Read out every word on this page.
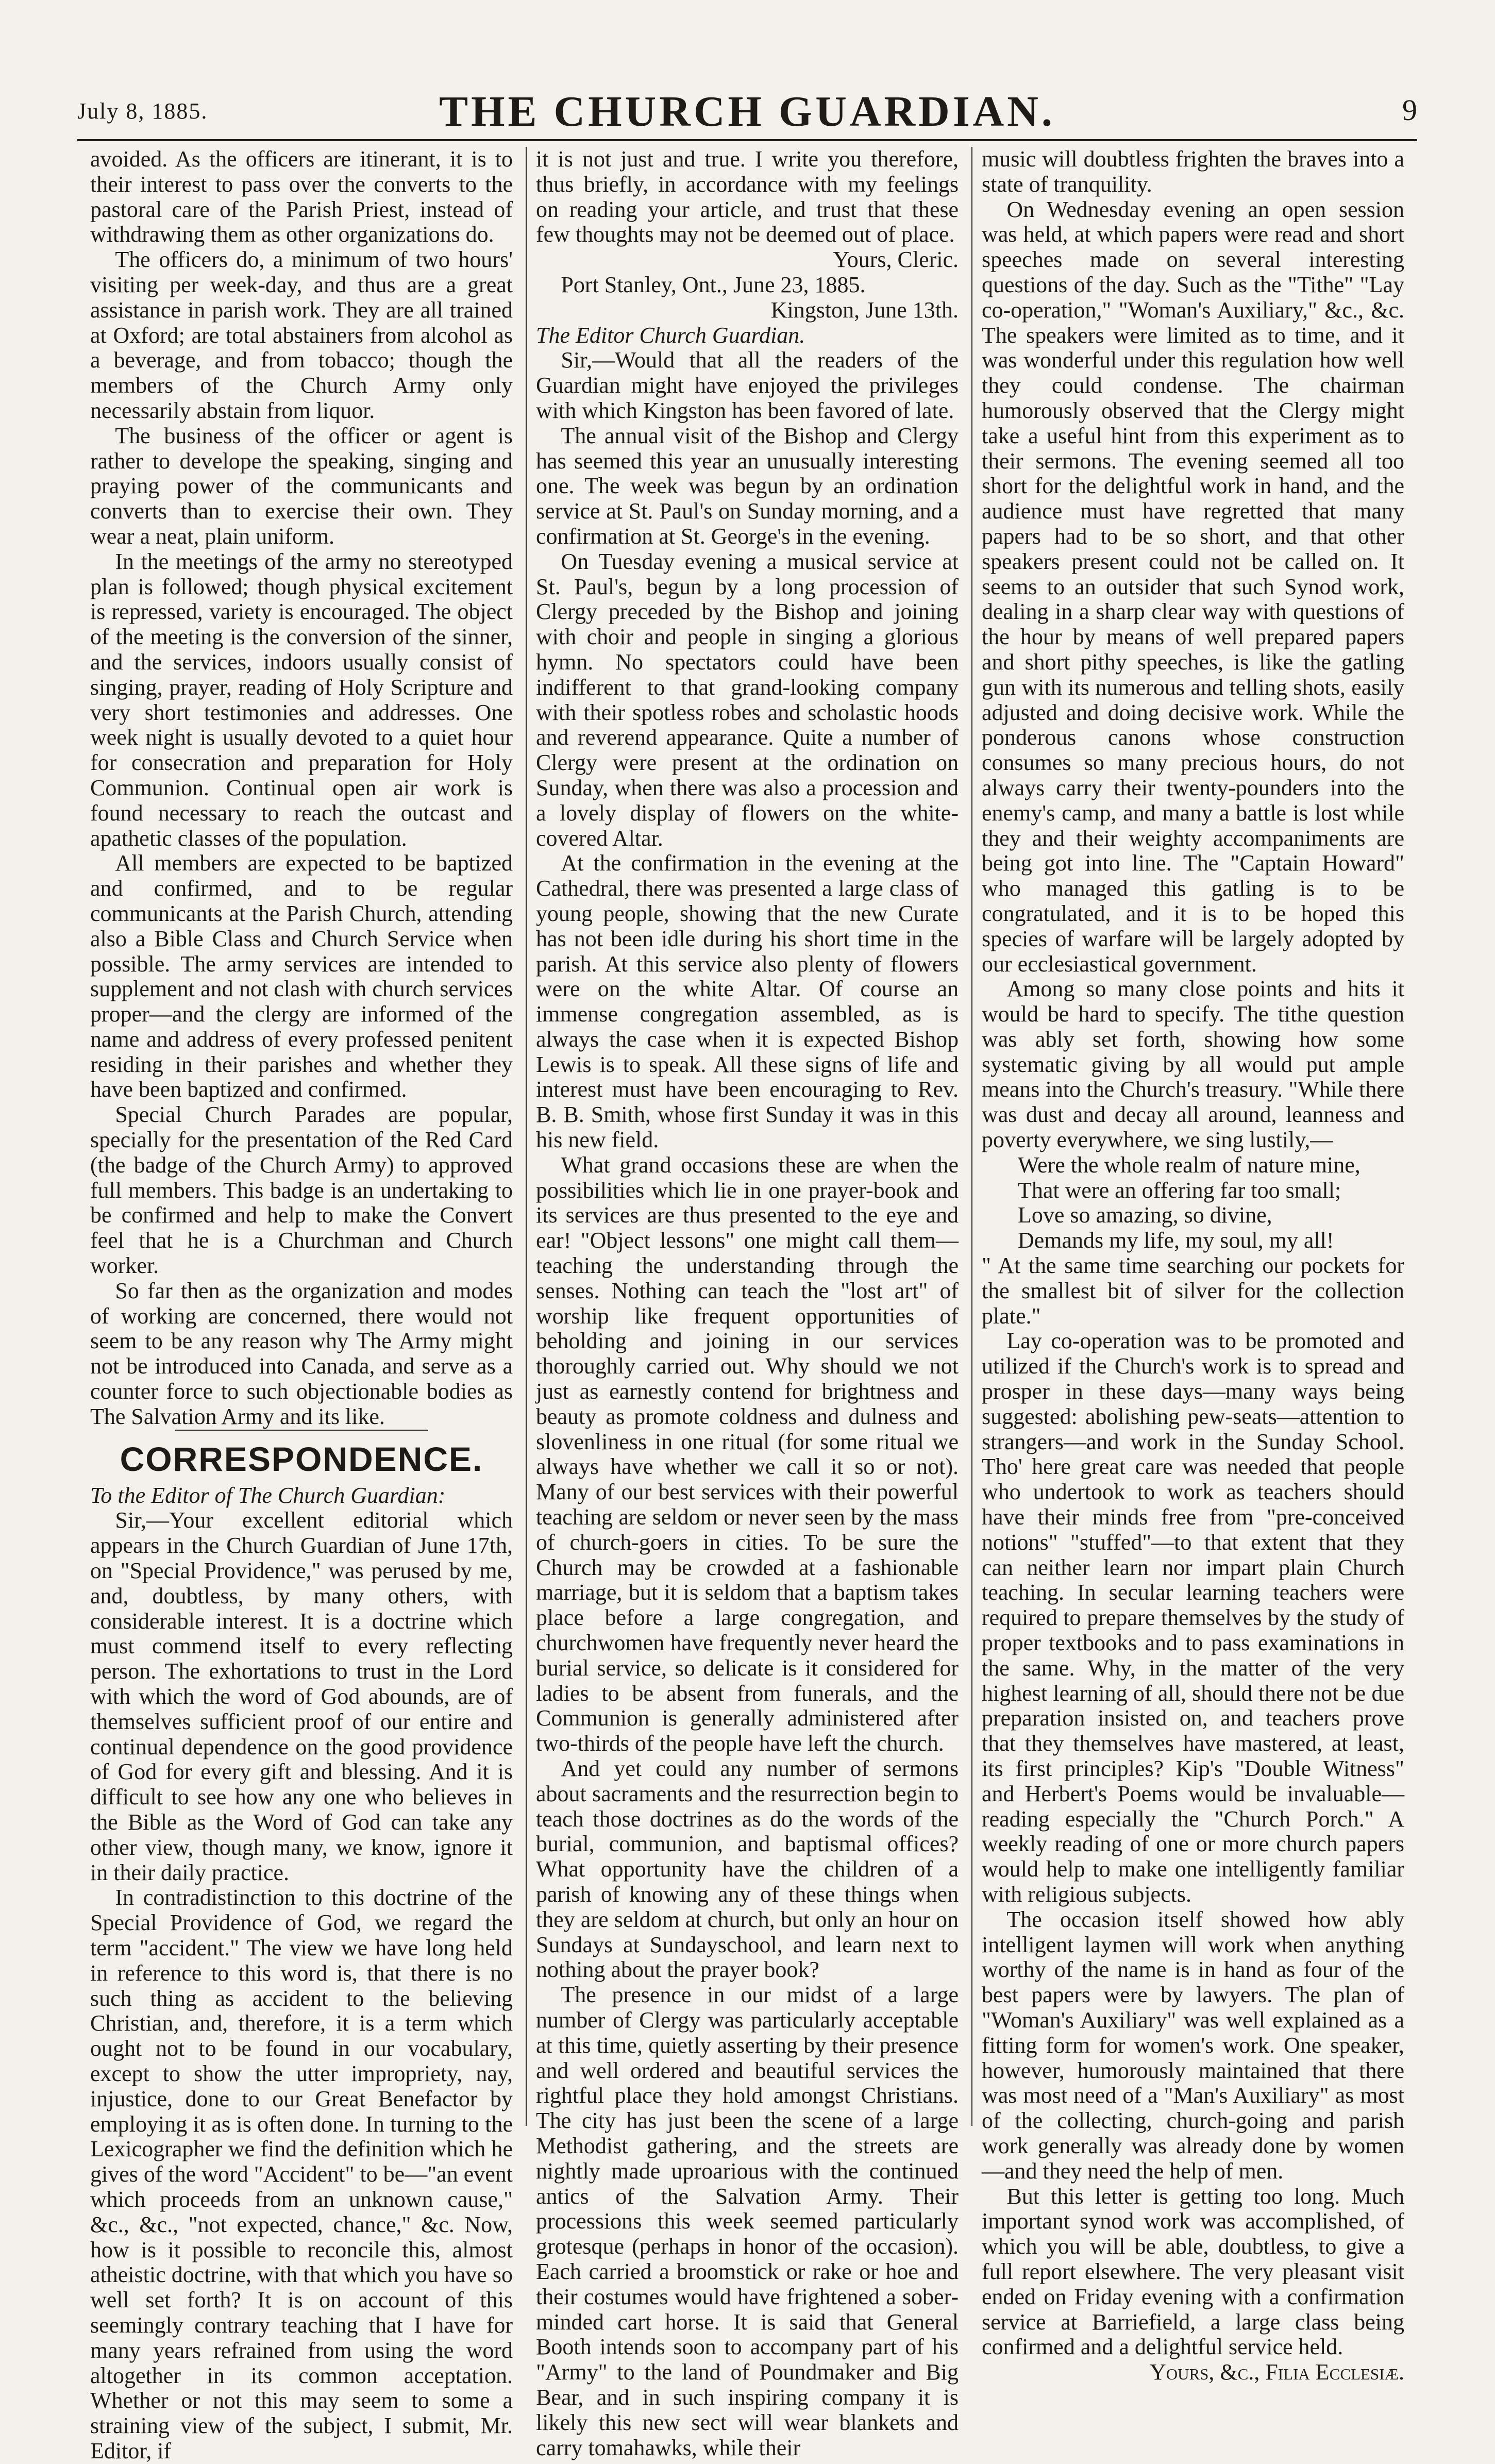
July 8, 1885.	THE CHURCH GUARDIAN.	9

avoided. As the officers are itinerant, it is to their interest to pass over the converts to the pastoral care of the Parish Priest, instead of withdrawing them as other organizations do.

The officers do, a minimum of two hours' visiting per week-day, and thus are a great assistance in parish work. They are all trained at Oxford; are total abstainers from alcohol as a beverage, and from tobacco; though the members of the Church Army only necessarily abstain from liquor.

The business of the officer or agent is rather to develope the speaking, singing and praying power of the communicants and converts than to exercise their own. They wear a neat, plain uniform.

In the meetings of the army no stereotyped plan is followed; though physical excitement is repressed, variety is encouraged. The object of the meeting is the conversion of the sinner, and the services, indoors usually consist of singing, prayer, reading of Holy Scripture and very short testimonies and addresses. One week night is usually devoted to a quiet hour for consecration and preparation for Holy Communion. Continual open air work is found necessary to reach the outcast and apathetic classes of the population.

All members are expected to be baptized and confirmed, and to be regular communicants at the Parish Church, attending also a Bible Class and Church Service when possible. The army services are intended to supplement and not clash with church services proper—and the clergy are informed of the name and address of every professed penitent residing in their parishes and whether they have been baptized and confirmed.

Special Church Parades are popular, specially for the presentation of the Red Card (the badge of the Church Army) to approved full members. This badge is an undertaking to be confirmed and help to make the Convert feel that he is a Churchman and Church worker.

So far then as the organization and modes of working are concerned, there would not seem to be any reason why The Army might not be introduced into Canada, and serve as a counter force to such objectionable bodies as The Salvation Army and its like.

CORRESPONDENCE.

To the Editor of The Church Guardian:

Sir,—Your excellent editorial which appears in the Church Guardian of June 17th, on "Special Providence," was perused by me, and, doubtless, by many others, with considerable interest. It is a doctrine which must commend itself to every reflecting person. The exhortations to trust in the Lord with which the word of God abounds, are of themselves sufficient proof of our entire and continual dependence on the good providence of God for every gift and blessing. And it is difficult to see how any one who believes in the Bible as the Word of God can take any other view, though many, we know, ignore it in their daily practice.

In contradistinction to this doctrine of the Special Providence of God, we regard the term "accident." The view we have long held in reference to this word is, that there is no such thing as accident to the believing Christian, and, therefore, it is a term which ought not to be found in our vocabulary, except to show the utter impropriety, nay, injustice, done to our Great Benefactor by employing it as is often done. In turning to the Lexicographer we find the definition which he gives of the word "Accident" to be—"an event which proceeds from an unknown cause," &c., &c., "not expected, chance," &c. Now, how is it possible to reconcile this, almost atheistic doctrine, with that which you have so well set forth? It is on account of this seemingly contrary teaching that I have for many years refrained from using the word altogether in its common acceptation. Whether or not this may seem to some a straining view of the subject, I submit, Mr. Editor, if

it is not just and true. I write you therefore, thus briefly, in accordance with my feelings on reading your article, and trust that these few thoughts may not be deemed out of place.

Yours, Cleric.

Port Stanley, Ont., June 23, 1885.

Kingston, June 13th.

The Editor Church Guardian.

Sir,—Would that all the readers of the Guardian might have enjoyed the privileges with which Kingston has been favored of late.

The annual visit of the Bishop and Clergy has seemed this year an unusually interesting one. The week was begun by an ordination service at St. Paul's on Sunday morning, and a confirmation at St. George's in the evening.

On Tuesday evening a musical service at St. Paul's, begun by a long procession of Clergy preceded by the Bishop and joining with choir and people in singing a glorious hymn. No spectators could have been indifferent to that grand-looking company with their spotless robes and scholastic hoods and reverend appearance. Quite a number of Clergy were present at the ordination on Sunday, when there was also a procession and a lovely display of flowers on the white-covered Altar.

At the confirmation in the evening at the Cathedral, there was presented a large class of young people, showing that the new Curate has not been idle during his short time in the parish. At this service also plenty of flowers were on the white Altar. Of course an immense congregation assembled, as is always the case when it is expected Bishop Lewis is to speak. All these signs of life and interest must have been encouraging to Rev. B. B. Smith, whose first Sunday it was in this his new field.

What grand occasions these are when the possibilities which lie in one prayer-book and its services are thus presented to the eye and ear! "Object lessons" one might call them—teaching the understanding through the senses. Nothing can teach the "lost art" of worship like frequent opportunities of beholding and joining in our services thoroughly carried out. Why should we not just as earnestly contend for brightness and beauty as promote coldness and dulness and slovenliness in one ritual (for some ritual we always have whether we call it so or not). Many of our best services with their powerful teaching are seldom or never seen by the mass of church-goers in cities. To be sure the Church may be crowded at a fashionable marriage, but it is seldom that a baptism takes place before a large congregation, and churchwomen have frequently never heard the burial service, so delicate is it considered for ladies to be absent from funerals, and the Communion is generally administered after two-thirds of the people have left the church.

And yet could any number of sermons about sacraments and the resurrection begin to teach those doctrines as do the words of the burial, communion, and baptismal offices? What opportunity have the children of a parish of knowing any of these things when they are seldom at church, but only an hour on Sundays at Sundayschool, and learn next to nothing about the prayer book?

The presence in our midst of a large number of Clergy was particularly acceptable at this time, quietly asserting by their presence and well ordered and beautiful services the rightful place they hold amongst Christians. The city has just been the scene of a large Methodist gathering, and the streets are nightly made uproarious with the continued antics of the Salvation Army. Their processions this week seemed particularly grotesque (perhaps in honor of the occasion). Each carried a broomstick or rake or hoe and their costumes would have frightened a sober-minded cart horse. It is said that General Booth intends soon to accompany part of his "Army" to the land of Poundmaker and Big Bear, and in such inspiring company it is likely this new sect will wear blankets and carry tomahawks, while their

music will doubtless frighten the braves into a state of tranquility.

On Wednesday evening an open session was held, at which papers were read and short speeches made on several interesting questions of the day. Such as the "Tithe" "Lay co-operation," "Woman's Auxiliary," &c., &c. The speakers were limited as to time, and it was wonderful under this regulation how well they could condense. The chairman humorously observed that the Clergy might take a useful hint from this experiment as to their sermons. The evening seemed all too short for the delightful work in hand, and the audience must have regretted that many papers had to be so short, and that other speakers present could not be called on. It seems to an outsider that such Synod work, dealing in a sharp clear way with questions of the hour by means of well prepared papers and short pithy speeches, is like the gatling gun with its numerous and telling shots, easily adjusted and doing decisive work. While the ponderous canons whose construction consumes so many precious hours, do not always carry their twenty-pounders into the enemy's camp, and many a battle is lost while they and their weighty accompaniments are being got into line. The "Captain Howard" who managed this gatling is to be congratulated, and it is to be hoped this species of warfare will be largely adopted by our ecclesiastical government.

Among so many close points and hits it would be hard to specify. The tithe question was ably set forth, showing how some systematic giving by all would put ample means into the Church's treasury. "While there was dust and decay all around, leanness and poverty everywhere, we sing lustily,—

Were the whole realm of nature mine,

That were an offering far too small;

Love so amazing, so divine,

Demands my life, my soul, my all!

" At the same time searching our pockets for the smallest bit of silver for the collection plate."

Lay co-operation was to be promoted and utilized if the Church's work is to spread and prosper in these days—many ways being suggested: abolishing pew-seats—attention to strangers—and work in the Sunday School. Tho' here great care was needed that people who undertook to work as teachers should have their minds free from "pre-conceived notions" "stuffed"—to that extent that they can neither learn nor impart plain Church teaching. In secular learning teachers were required to prepare themselves by the study of proper textbooks and to pass examinations in the same. Why, in the matter of the very highest learning of all, should there not be due preparation insisted on, and teachers prove that they themselves have mastered, at least, its first principles? Kip's "Double Witness" and Herbert's Poems would be invaluable—reading especially the "Church Porch." A weekly reading of one or more church papers would help to make one intelligently familiar with religious subjects.

The occasion itself showed how ably intelligent laymen will work when anything worthy of the name is in hand as four of the best papers were by lawyers. The plan of "Woman's Auxiliary" was well explained as a fitting form for women's work. One speaker, however, humorously maintained that there was most need of a "Man's Auxiliary" as most of the collecting, church-going and parish work generally was already done by women—and they need the help of men.

But this letter is getting too long. Much important synod work was accomplished, of which you will be able, doubtless, to give a full report elsewhere. The very pleasant visit ended on Friday evening with a confirmation service at Barriefield, a large class being confirmed and a delightful service held.

Yours, &c., Filia Ecclesiæ.
